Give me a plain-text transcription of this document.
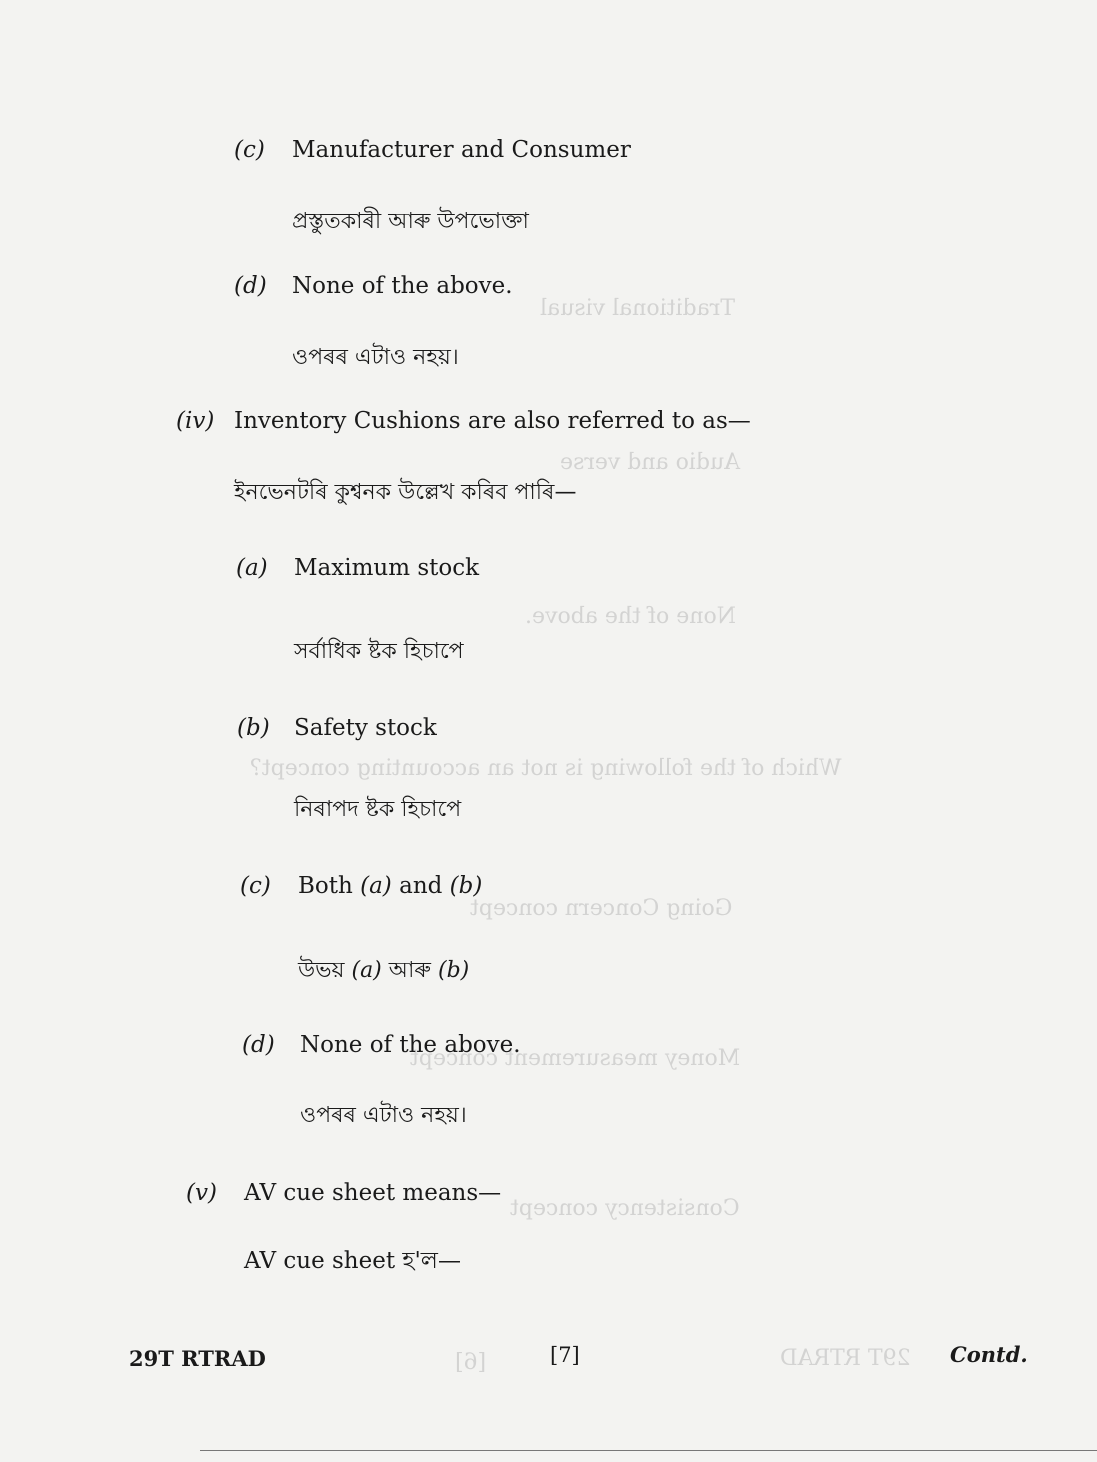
Traditional visual
Audio and verse
None of the above.
Which of the following is not an accounting concept?
Going Concern concept
Money measurement concept
Consistency concept
29T RTRAD
[6]
(c) Manufacturer and Consumer
প্ৰস্তুতকাৰী আৰু উপভোক্তা
(d) None of the above.
ওপৰৰ এটাও নহয়।
(iv) Inventory Cushions are also referred to as—
ইনভেনটৰি কুশ্বনক উল্লেখ কৰিব পাৰি—
(a) Maximum stock
সৰ্বাধিক ষ্টক হিচাপে
(b) Safety stock
নিৰাপদ ষ্টক হিচাপে
(c) Both (a) and (b)
উভয় (a) আৰু (b)
(d) None of the above.
ওপৰৰ এটাও নহয়।
(v) AV cue sheet means—
AV cue sheet হ'ল—
29T RTRAD	[7]	Contd.
